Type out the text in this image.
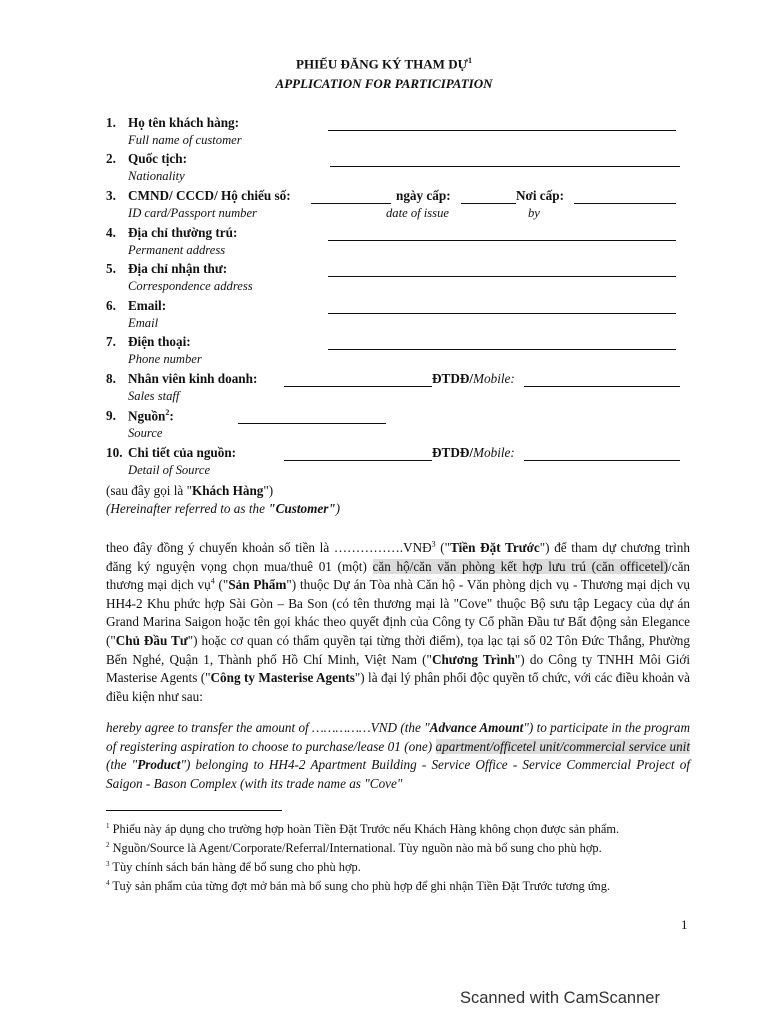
PHIẾU ĐĂNG KÝ THAM DỰ$^1$
APPLICATION FOR PARTICIPATION
1. Họ tên khách hàng:
Full name of customer
2. Quốc tịch:
Nationality
3. CMND/ CCCD/ Hộ chiếu số:
ID card/Passport number
ngày cấp:
date of issue
Nơi cấp:
by
4. Địa chỉ thường trú:
Permanent address
5. Địa chỉ nhận thư:
Correspondence address
6. Email:
Email
7. Điện thoại:
Phone number
8. Nhân viên kinh doanh:
Sales staff
ĐTDĐ/Mobile:
9. Nguồn$^2$:
Source
10. Chi tiết của nguồn:
Detail of Source
ĐTDĐ/Mobile:
(sau đây gọi là "Khách Hàng")
(Hereinafter referred to as the "Customer")
theo đây đồng ý chuyển khoản số tiền là …………….VNĐ$^3$ ("Tiền Đặt Trước") để tham dự chương trình đăng ký nguyện vọng chọn mua/thuê 01 (một) căn hộ/căn văn phòng kết hợp lưu trú (căn officetel)/căn thương mại dịch vụ$^4$ ("Sản Phẩm") thuộc Dự án Tòa nhà Căn hộ - Văn phòng dịch vụ - Thương mại dịch vụ HH4-2 Khu phức hợp Sài Gòn – Ba Son (có tên thương mại là "Cove" thuộc Bộ sưu tập Legacy của dự án Grand Marina Saigon hoặc tên gọi khác theo quyết định của Công ty Cổ phần Đầu tư Bất động sản Elegance ("Chủ Đầu Tư") hoặc cơ quan có thẩm quyền tại từng thời điểm), tọa lạc tại số 02 Tôn Đức Thắng, Phường Bến Nghé, Quận 1, Thành phố Hồ Chí Minh, Việt Nam ("Chương Trình") do Công ty TNHH Môi Giới Masterise Agents ("Công ty Masterise Agents") là đại lý phân phối độc quyền tổ chức, với các điều khoản và điều kiện như sau:
hereby agree to transfer the amount of ……………VND (the "Advance Amount") to participate in the program of registering aspiration to choose to purchase/lease 01 (one) apartment/officetel unit/commercial service unit (the "Product") belonging to HH4-2 Apartment Building - Service Office - Service Commercial Project of Saigon - Bason Complex (with its trade name as "Cove"
$^1$ Phiếu này áp dụng cho trường hợp hoàn Tiền Đặt Trước nếu Khách Hàng không chọn được sản phẩm.
$^2$ Nguồn/Source là Agent/Corporate/Referral/International. Tùy nguồn nào mà bổ sung cho phù hợp.
$^3$ Tùy chính sách bán hàng để bổ sung cho phù hợp.
$^4$ Tuỳ sản phẩm của từng đợt mở bán mà bổ sung cho phù hợp để ghi nhận Tiền Đặt Trước tương ứng.
1
Scanned with CamScanner
